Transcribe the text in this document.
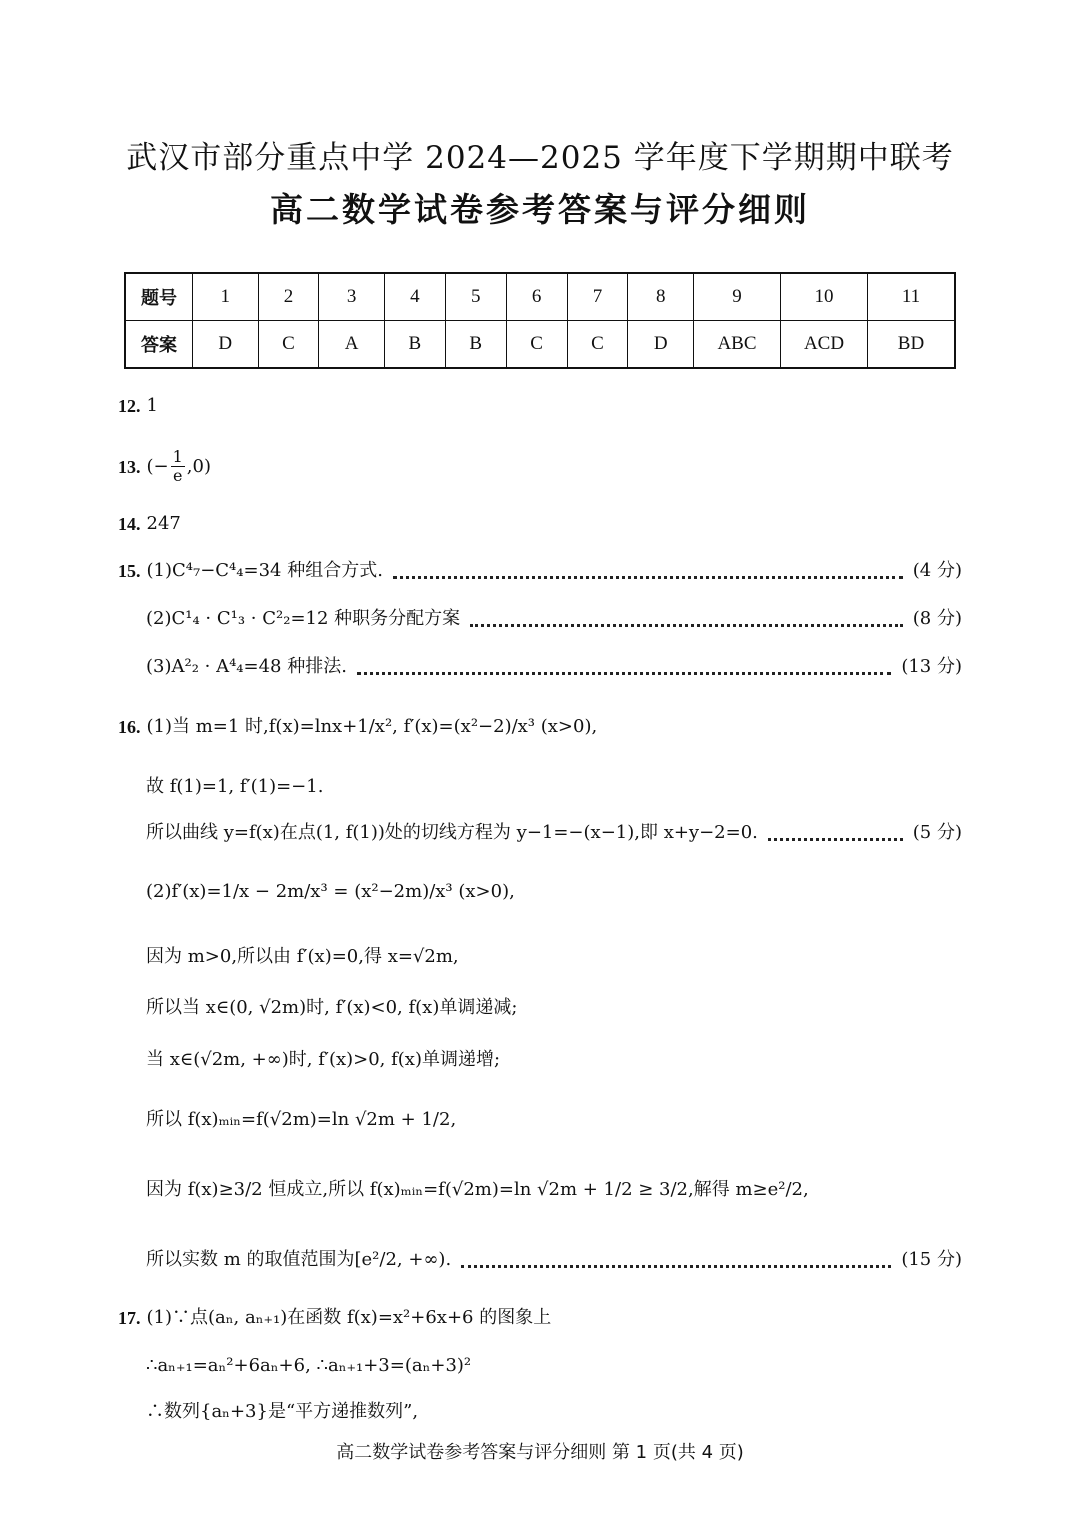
武汉市部分重点中学 2024—2025 学年度下学期期中联考
高二数学试卷参考答案与评分细则
题号	1	2	3	4	5	6	7	8	9	10	11
答案	D	C	A	B	B	C	C	D	ABC	ACD	BD
12. 1
13. (− $\frac{1}{e} ,0$)
14. 247
15. (1)C⁴₇−C⁴₄=34 种组合方式.	(4 分)
(2)C¹₄ · C¹₃ · C²₂=12 种职务分配方案	(8 分)
(3)A²₂ · A⁴₄=48 种排法.	(13 分)
16. (1)当 m=1 时,f(x)=lnx+1/x², f′(x)=(x²−2)/x³ (x>0),
故 f(1)=1, f′(1)=−1.
所以曲线 y=f(x)在点(1, f(1))处的切线方程为 y−1=−(x−1),即 x+y−2=0.	(5 分)
(2)f′(x)=1/x − 2m/x³ = (x²−2m)/x³ (x>0),
因为 m>0,所以由 f′(x)=0,得 x=√2m,
所以当 x∈(0, √2m)时, f′(x)<0, f(x)单调递减;
当 x∈(√2m, +∞)时, f′(x)>0, f(x)单调递增;
所以 f(x)ₘᵢₙ=f(√2m)=ln √2m + 1/2,
因为 f(x)≥3/2 恒成立,所以 f(x)ₘᵢₙ=f(√2m)=ln √2m + 1/2 ≥ 3/2,解得 m≥e²/2,
所以实数 m 的取值范围为[e²/2, +∞).	(15 分)
17. (1)∵点(aₙ, aₙ₊₁)在函数 f(x)=x²+6x+6 的图象上
∴aₙ₊₁=aₙ²+6aₙ+6, ∴aₙ₊₁+3=(aₙ+3)²
∴数列{aₙ+3}是“平方递推数列”,
高二数学试卷参考答案与评分细则 第 1 页(共 4 页)
